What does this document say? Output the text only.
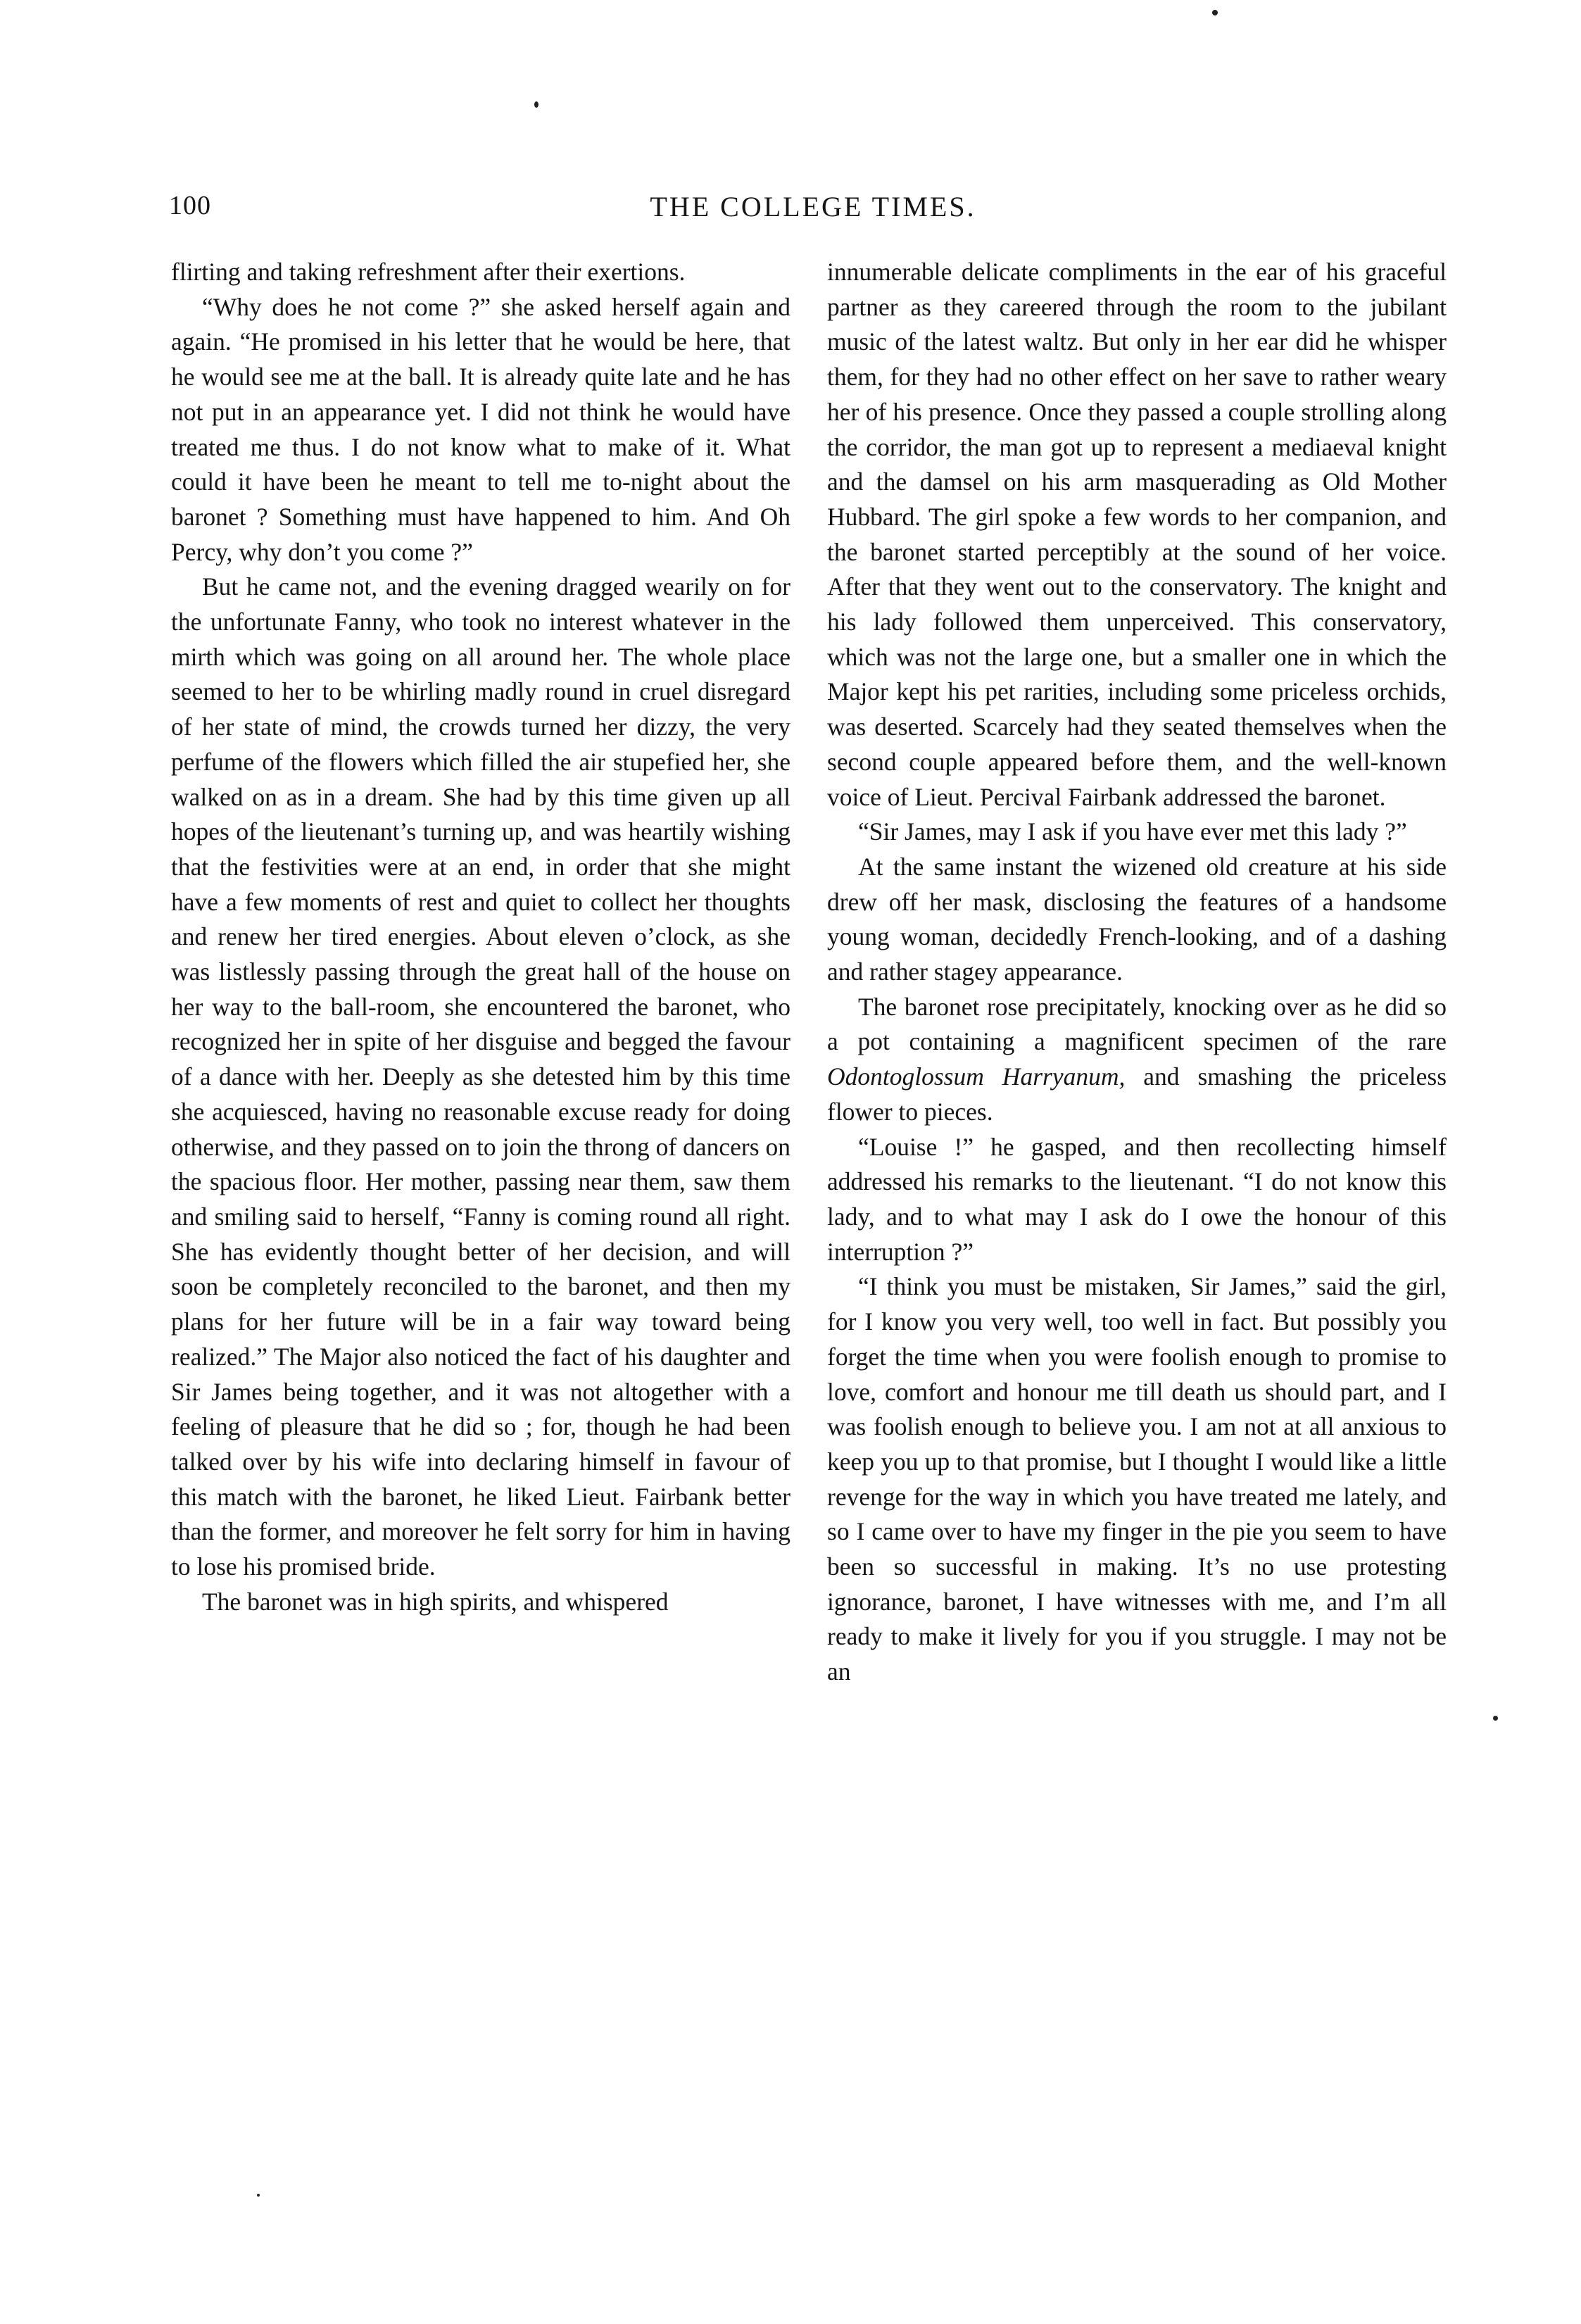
100	THE COLLEGE TIMES.

flirting and taking refreshment after their exertions.

“Why does he not come ?” she asked herself again and again. “He promised in his letter that he would be here, that he would see me at the ball. It is already quite late and he has not put in an appearance yet. I did not think he would have treated me thus. I do not know what to make of it. What could it have been he meant to tell me to-night about the baronet ? Something must have happened to him. And Oh Percy, why don’t you come ?”

But he came not, and the evening dragged wearily on for the unfortunate Fanny, who took no interest whatever in the mirth which was going on all around her. The whole place seemed to her to be whirling madly round in cruel disregard of her state of mind, the crowds turned her dizzy, the very perfume of the flowers which filled the air stupefied her, she walked on as in a dream. She had by this time given up all hopes of the lieutenant’s turning up, and was heartily wishing that the festivities were at an end, in order that she might have a few moments of rest and quiet to collect her thoughts and renew her tired energies. About eleven o’clock, as she was listlessly passing through the great hall of the house on her way to the ball-room, she encountered the baronet, who recognized her in spite of her disguise and begged the favour of a dance with her. Deeply as she detested him by this time she acquiesced, having no reasonable excuse ready for doing otherwise, and they passed on to join the throng of dancers on the spacious floor. Her mother, passing near them, saw them and smiling said to herself, “Fanny is coming round all right. She has evidently thought better of her decision, and will soon be completely reconciled to the baronet, and then my plans for her future will be in a fair way toward being realized.” The Major also noticed the fact of his daughter and Sir James being together, and it was not altogether with a feeling of pleasure that he did so ; for, though he had been talked over by his wife into declaring himself in favour of this match with the baronet, he liked Lieut. Fairbank better than the former, and moreover he felt sorry for him in having to lose his promised bride.

The baronet was in high spirits, and whispered

innumerable delicate compliments in the ear of his graceful partner as they careered through the room to the jubilant music of the latest waltz. But only in her ear did he whisper them, for they had no other effect on her save to rather weary her of his presence. Once they passed a couple strolling along the corridor, the man got up to represent a mediaeval knight and the damsel on his arm masquerading as Old Mother Hubbard. The girl spoke a few words to her companion, and the baronet started perceptibly at the sound of her voice. After that they went out to the conservatory. The knight and his lady followed them unperceived. This conservatory, which was not the large one, but a smaller one in which the Major kept his pet rarities, including some priceless orchids, was deserted. Scarcely had they seated themselves when the second couple appeared before them, and the well-known voice of Lieut. Percival Fairbank addressed the baronet.

“Sir James, may I ask if you have ever met this lady ?”

At the same instant the wizened old creature at his side drew off her mask, disclosing the features of a handsome young woman, decidedly French-looking, and of a dashing and rather stagey appearance.

The baronet rose precipitately, knocking over as he did so a pot containing a magnificent specimen of the rare Odontoglossum Harryanum, and smashing the priceless flower to pieces.

“Louise !” he gasped, and then recollecting himself addressed his remarks to the lieutenant. “I do not know this lady, and to what may I ask do I owe the honour of this interruption ?”

“I think you must be mistaken, Sir James,” said the girl, for I know you very well, too well in fact. But possibly you forget the time when you were foolish enough to promise to love, comfort and honour me till death us should part, and I was foolish enough to believe you. I am not at all anxious to keep you up to that promise, but I thought I would like a little revenge for the way in which you have treated me lately, and so I came over to have my finger in the pie you seem to have been so successful in making. It’s no use protesting ignorance, baronet, I have witnesses with me, and I’m all ready to make it lively for you if you struggle. I may not be an
